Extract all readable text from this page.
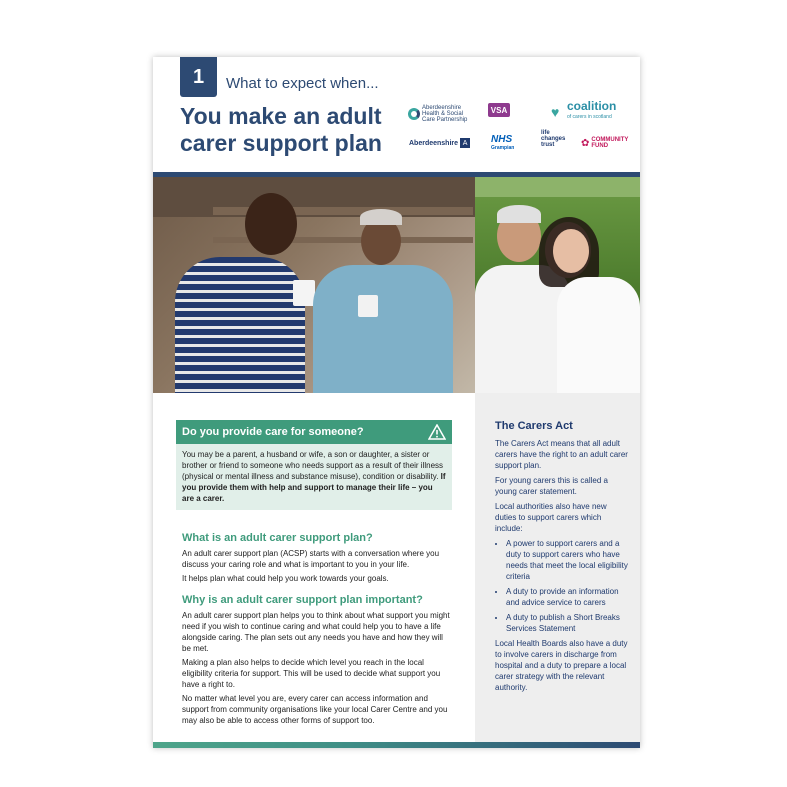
1	What to expect when...
You make an adult carer support plan
Aberdeenshire Health & Social Care Partnership
VSA	♥ coalition
of carers in scotland
Aberdeenshire A NHS
Grampian
life changes trust	✿ COMMUNITY FUND
Do you provide care for someone?
You may be a parent, a husband or wife, a son or daughter, a sister or brother or friend to someone who needs support as a result of their illness (physical or mental illness and substance misuse), condition or disability. If you provide them with help and support to manage their life – you are a carer.
What is an adult carer support plan?

An adult carer support plan (ACSP) starts with a conversation where you discuss your caring role and what is important to you in your life.

It helps plan what could help you work towards your goals.

Why is an adult carer support plan important?

An adult carer support plan helps you to think about what support you might need if you wish to continue caring and what could help you to have a life alongside caring. The plan sets out any needs you have and how they will be met.

Making a plan also helps to decide which level you reach in the local eligibility criteria for support. This will be used to decide what support you have a right to.

No matter what level you are, every carer can access information and support from community organisations like your local Carer Centre and you may also be able to access other forms of support too.

The Carers Act

The Carers Act means that all adult carers have the right to an adult carer support plan.

For young carers this is called a young carer statement.

Local authorities also have new duties to support carers which include:

• A power to support carers and a duty to support carers who have needs that meet the local eligibility criteria
• A duty to provide an information and advice service to carers
• A duty to publish a Short Breaks Services Statement

Local Health Boards also have a duty to involve carers in discharge from hospital and a duty to prepare a local carer strategy with the relevant authority.
